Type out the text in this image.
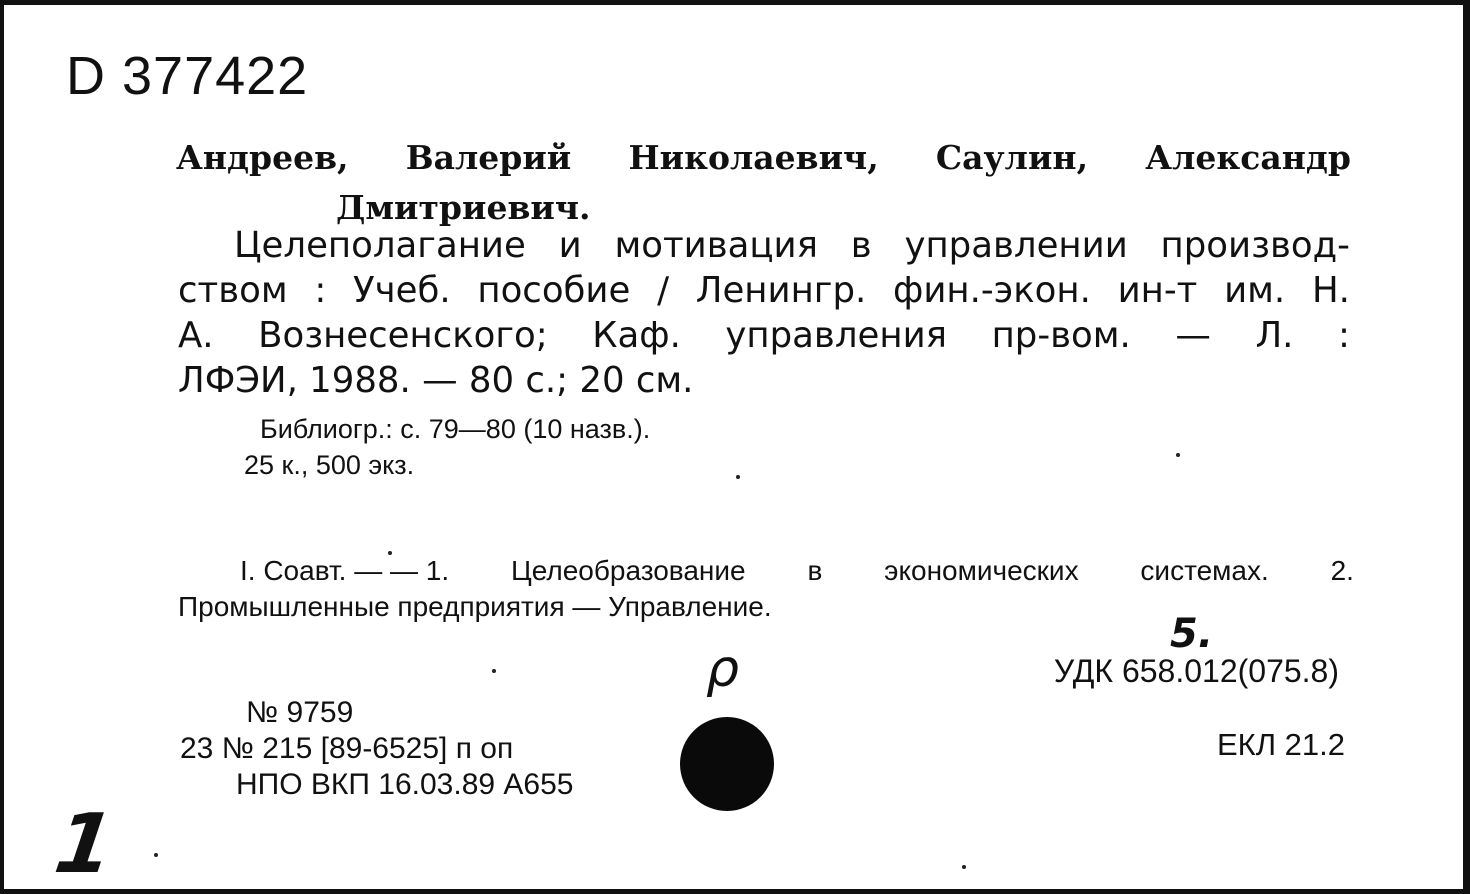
D 377422
Андреев, Валерий Николаевич, Саулин, Александр
Дмитриевич.
Целеполагание и мотивация в управлении производ-
ством : Учеб. пособие / Ленингр. фин.-экон. ин-т им. Н.
А. Вознесенского; Каф. управления пр-вом. — Л. :
ЛФЭИ, 1988. — 80 с.; 20 см.
Библиогр.: с. 79—80 (10 назв.).
25 к., 500 экз.
I. Соавт. — — 1. Целеобразование в экономических системах. 2.
Промышленные предприятия — Управление.
5.
УДК 658.012(075.8)
ЕКЛ 21.2
№ 9759
23 № 215 [89-6525] п оп
НПО ВКП 16.03.89 А655
ρ
1
